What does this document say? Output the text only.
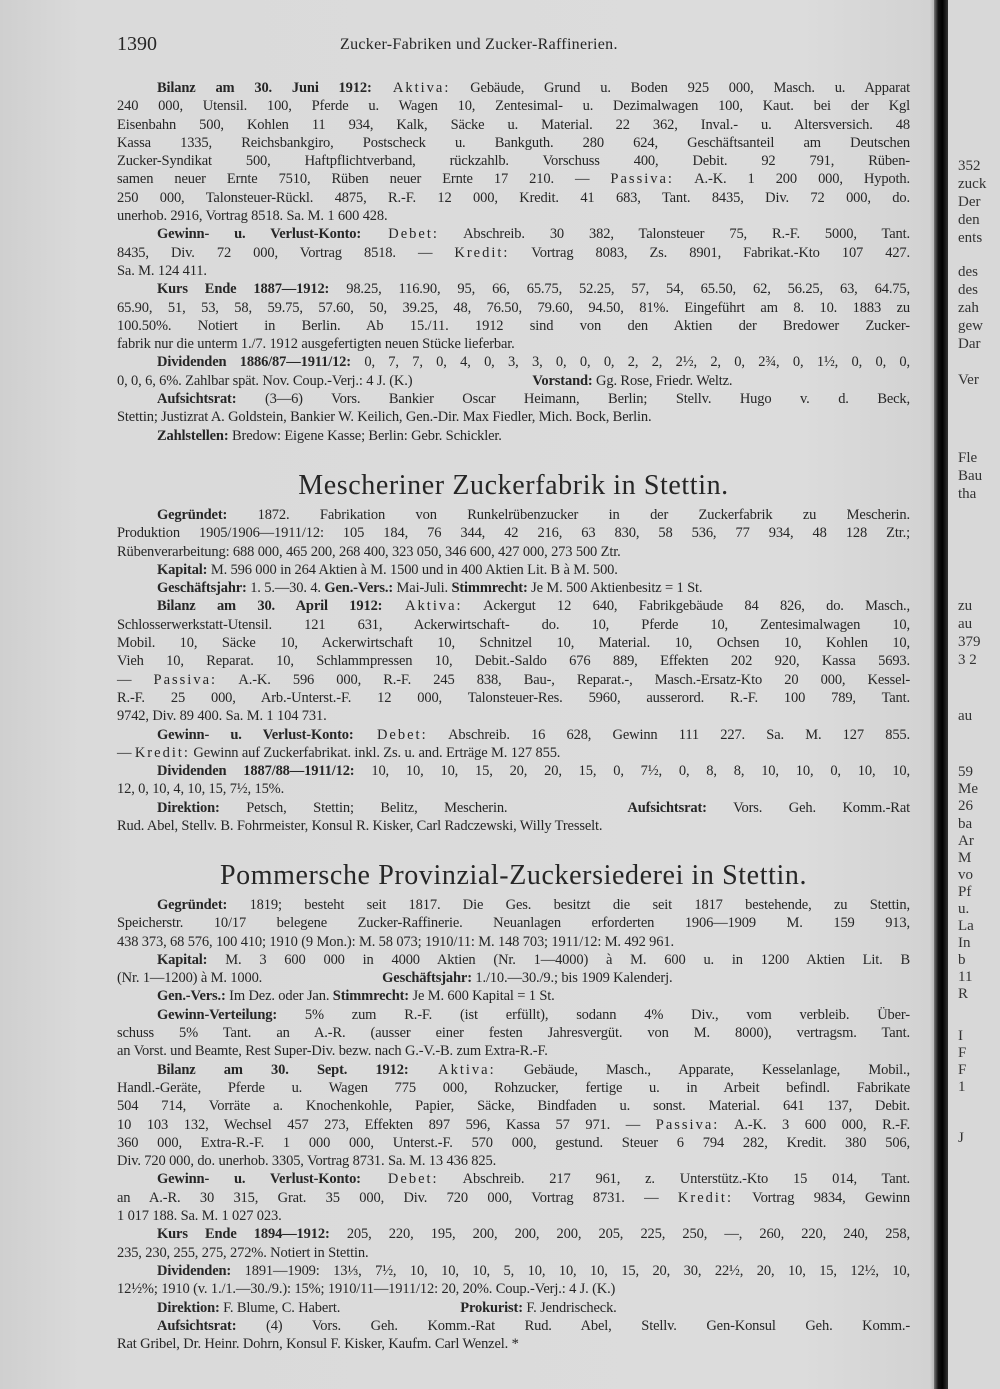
1390	Zucker-Fabriken und Zucker-Raffinerien.
352
zuck
Der
den
ents
des
des
zah
gew
Dar
Ver
Fle
Bau
tha
zu
au
379
3 2
au
59
Me
26
ba
Ar
M
vo
Pf
u.
La
In
b
11
R
I
F
F
1
J
Bilanz am 30. Juni 1912: Aktiva: Gebäude, Grund u. Boden 925 000, Masch. u. Apparat
240 000, Utensil. 100, Pferde u. Wagen 10, Zentesimal- u. Dezimalwagen 100, Kaut. bei der Kgl
Eisenbahn 500, Kohlen 11 934, Kalk, Säcke u. Material. 22 362, Inval.- u. Altersversich. 48
Kassa 1335, Reichsbankgiro, Postscheck u. Bankguth. 280 624, Geschäftsanteil am Deutschen
Zucker-Syndikat 500, Haftpflichtverband, rückzahlb. Vorschuss 400, Debit. 92 791, Rüben-
samen neuer Ernte 7510, Rüben neuer Ernte 17 210. — Passiva: A.-K. 1 200 000, Hypoth.
250 000, Talonsteuer-Rückl. 4875, R.-F. 12 000, Kredit. 41 683, Tant. 8435, Div. 72 000, do.
unerhob. 2916, Vortrag 8518. Sa. M. 1 600 428.
Gewinn- u. Verlust-Konto: Debet: Abschreib. 30 382, Talonsteuer 75, R.-F. 5000, Tant.
8435, Div. 72 000, Vortrag 8518. — Kredit: Vortrag 8083, Zs. 8901, Fabrikat.-Kto 107 427.
Sa. M. 124 411.
Kurs Ende 1887—1912: 98.25, 116.90, 95, 66, 65.75, 52.25, 57, 54, 65.50, 62, 56.25, 63, 64.75,
65.90, 51, 53, 58, 59.75, 57.60, 50, 39.25, 48, 76.50, 79.60, 94.50, 81%. Eingeführt am 8. 10. 1883 zu
100.50%. Notiert in Berlin. Ab 15./11. 1912 sind von den Aktien der Bredower Zucker-
fabrik nur die unterm 1./7. 1912 ausgefertigten neuen Stücke lieferbar.
Dividenden 1886/87—1911/12: 0, 7, 7, 0, 4, 0, 3, 3, 0, 0, 0, 2, 2, 2½, 2, 0, 2¾, 0, 1½, 0, 0, 0,
0, 0, 6, 6%. Zahlbar spät. Nov. Coup.-Verj.: 4 J. (K.)	Vorstand: Gg. Rose, Friedr. Weltz.
Aufsichtsrat: (3—6) Vors. Bankier Oscar Heimann, Berlin; Stellv. Hugo v. d. Beck,
Stettin; Justizrat A. Goldstein, Bankier W. Keilich, Gen.-Dir. Max Fiedler, Mich. Bock, Berlin.
Zahlstellen: Bredow: Eigene Kasse; Berlin: Gebr. Schickler.
Mescheriner Zuckerfabrik in Stettin.
Gegründet: 1872. Fabrikation von Runkelrübenzucker in der Zuckerfabrik zu Mescherin.
Produktion 1905/1906—1911/12: 105 184, 76 344, 42 216, 63 830, 58 536, 77 934, 48 128 Ztr.;
Rübenverarbeitung: 688 000, 465 200, 268 400, 323 050, 346 600, 427 000, 273 500 Ztr.
Kapital: M. 596 000 in 264 Aktien à M. 1500 und in 400 Aktien Lit. B à M. 500.
Geschäftsjahr: 1. 5.—30. 4. Gen.-Vers.: Mai-Juli. Stimmrecht: Je M. 500 Aktienbesitz = 1 St.
Bilanz am 30. April 1912: Aktiva: Ackergut 12 640, Fabrikgebäude 84 826, do. Masch.,
Schlosserwerkstatt-Utensil. 121 631, Ackerwirtschaft- do. 10, Pferde 10, Zentesimalwagen 10,
Mobil. 10, Säcke 10, Ackerwirtschaft 10, Schnitzel 10, Material. 10, Ochsen 10, Kohlen 10,
Vieh 10, Reparat. 10, Schlammpressen 10, Debit.-Saldo 676 889, Effekten 202 920, Kassa 5693.
— Passiva: A.-K. 596 000, R.-F. 245 838, Bau-, Reparat.-, Masch.-Ersatz-Kto 20 000, Kessel-
R.-F. 25 000, Arb.-Unterst.-F. 12 000, Talonsteuer-Res. 5960, ausserord. R.-F. 100 789, Tant.
9742, Div. 89 400. Sa. M. 1 104 731.
Gewinn- u. Verlust-Konto: Debet: Abschreib. 16 628, Gewinn 111 227. Sa. M. 127 855.
— Kredit: Gewinn auf Zuckerfabrikat. inkl. Zs. u. and. Erträge M. 127 855.
Dividenden 1887/88—1911/12: 10, 10, 10, 15, 20, 20, 15, 0, 7½, 0, 8, 8, 10, 10, 0, 10, 10,
12, 0, 10, 4, 10, 15, 7½, 15%.
Direktion: Petsch, Stettin; Belitz, Mescherin.	Aufsichtsrat: Vors. Geh. Komm.-Rat
Rud. Abel, Stellv. B. Fohrmeister, Konsul R. Kisker, Carl Radczewski, Willy Tresselt.
Pommersche Provinzial-Zuckersiederei in Stettin.
Gegründet: 1819; besteht seit 1817. Die Ges. besitzt die seit 1817 bestehende, zu Stettin,
Speicherstr. 10/17 belegene Zucker-Raffinerie. Neuanlagen erforderten 1906—1909 M. 159 913,
438 373, 68 576, 100 410; 1910 (9 Mon.): M. 58 073; 1910/11: M. 148 703; 1911/12: M. 492 961.
Kapital: M. 3 600 000 in 4000 Aktien (Nr. 1—4000) à M. 600 u. in 1200 Aktien Lit. B
(Nr. 1—1200) à M. 1000.	Geschäftsjahr: 1./10.—30./9.; bis 1909 Kalenderj.
Gen.-Vers.: Im Dez. oder Jan. Stimmrecht: Je M. 600 Kapital = 1 St.
Gewinn-Verteilung: 5% zum R.-F. (ist erfüllt), sodann 4% Div., vom verbleib. Über-
schuss 5% Tant. an A.-R. (ausser einer festen Jahresvergüt. von M. 8000), vertragsm. Tant.
an Vorst. und Beamte, Rest Super-Div. bezw. nach G.-V.-B. zum Extra-R.-F.
Bilanz am 30. Sept. 1912: Aktiva: Gebäude, Masch., Apparate, Kesselanlage, Mobil.,
Handl.-Geräte, Pferde u. Wagen 775 000, Rohzucker, fertige u. in Arbeit befindl. Fabrikate
504 714, Vorräte a. Knochenkohle, Papier, Säcke, Bindfaden u. sonst. Material. 641 137, Debit.
10 103 132, Wechsel 457 273, Effekten 897 596, Kassa 57 971. — Passiva: A.-K. 3 600 000, R.-F.
360 000, Extra-R.-F. 1 000 000, Unterst.-F. 570 000, gestund. Steuer 6 794 282, Kredit. 380 506,
Div. 720 000, do. unerhob. 3305, Vortrag 8731. Sa. M. 13 436 825.
Gewinn- u. Verlust-Konto: Debet: Abschreib. 217 961, z. Unterstütz.-Kto 15 014, Tant.
an A.-R. 30 315, Grat. 35 000, Div. 720 000, Vortrag 8731. — Kredit: Vortrag 9834, Gewinn
1 017 188. Sa. M. 1 027 023.
Kurs Ende 1894—1912: 205, 220, 195, 200, 200, 200, 205, 225, 250, —, 260, 220, 240, 258,
235, 230, 255, 275, 272%. Notiert in Stettin.
Dividenden: 1891—1909: 13⅓, 7½, 10, 10, 10, 5, 10, 10, 10, 15, 20, 30, 22½, 20, 10, 15, 12½, 10,
12½%; 1910 (v. 1./1.—30./9.): 15%; 1910/11—1911/12: 20, 20%. Coup.-Verj.: 4 J. (K.)
Direktion: F. Blume, C. Habert.	Prokurist: F. Jendrischeck.
Aufsichtsrat: (4) Vors. Geh. Komm.-Rat Rud. Abel, Stellv. Gen-Konsul Geh. Komm.-
Rat Gribel, Dr. Heinr. Dohrn, Konsul F. Kisker, Kaufm. Carl Wenzel. *
